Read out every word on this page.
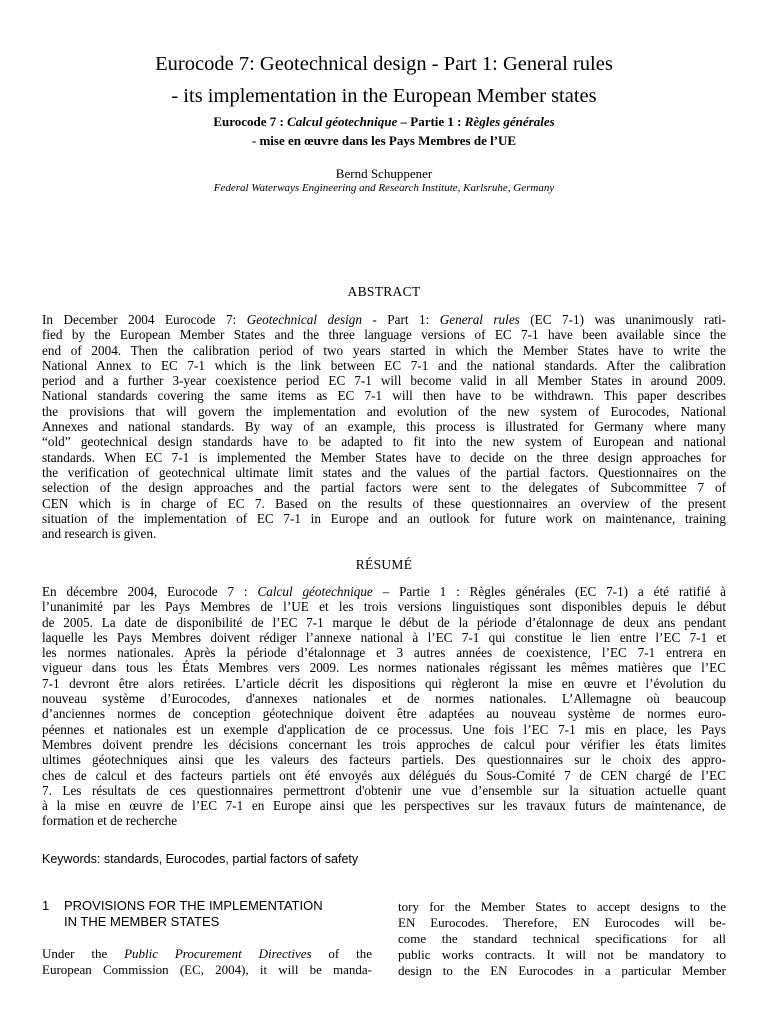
Eurocode 7: Geotechnical design - Part 1: General rules
- its implementation in the European Member states
Eurocode 7 : Calcul géotechnique – Partie 1 : Règles générales
- mise en œuvre dans les Pays Membres de l’UE
Bernd Schuppener
Federal Waterways Engineering and Research Institute, Karlsruhe, Germany
ABSTRACT
In December 2004 Eurocode 7: Geotechnical design - Part 1: General rules (EC 7-1) was unanimously rati-
fied by the European Member States and the three language versions of EC 7-1 have been available since the
end of 2004. Then the calibration period of two years started in which the Member States have to write the
National Annex to EC 7-1 which is the link between EC 7-1 and the national standards. After the calibration
period and a further 3-year coexistence period EC 7-1 will become valid in all Member States in around 2009.
National standards covering the same items as EC 7-1 will then have to be withdrawn. This paper describes
the provisions that will govern the implementation and evolution of the new system of Eurocodes, National
Annexes and national standards. By way of an example, this process is illustrated for Germany where many
“old” geotechnical design standards have to be adapted to fit into the new system of European and national
standards. When EC 7-1 is implemented the Member States have to decide on the three design approaches for
the verification of geotechnical ultimate limit states and the values of the partial factors. Questionnaires on the
selection of the design approaches and the partial factors were sent to the delegates of Subcommittee 7 of
CEN which is in charge of EC 7. Based on the results of these questionnaires an overview of the present
situation of the implementation of EC 7-1 in Europe and an outlook for future work on maintenance, training
and research is given.
RÉSUMÉ
En décembre 2004, Eurocode 7 : Calcul géotechnique – Partie 1 : Règles générales (EC 7-1) a été ratifié à
l’unanimité par les Pays Membres de l’UE et les trois versions linguistiques sont disponibles depuis le début
de 2005. La date de disponibilité de l’EC 7-1 marque le début de la période d’étalonnage de deux ans pendant
laquelle les Pays Membres doivent rédiger l’annexe national à l’EC 7-1 qui constitue le lien entre l’EC 7-1 et
les normes nationales. Après la période d’étalonnage et 3 autres années de coexistence, l’EC 7-1 entrera en
vigueur dans tous les États Membres vers 2009. Les normes nationales régissant les mêmes matières que l’EC
7-1 devront être alors retirées. L’article décrit les dispositions qui règleront la mise en œuvre et l’évolution du
nouveau système d’Eurocodes, d'annexes nationales et de normes nationales. L’Allemagne où beaucoup
d’anciennes normes de conception géotechnique doivent être adaptées au nouveau système de normes euro-
péennes et nationales est un exemple d'application de ce processus. Une fois l’EC 7-1 mis en place, les Pays
Membres doivent prendre les décisions concernant les trois approches de calcul pour vérifier les états limites
ultimes géotechniques ainsi que les valeurs des facteurs partiels. Des questionnaires sur le choix des appro-
ches de calcul et des facteurs partiels ont été envoyés aux délégués du Sous-Comité 7 de CEN chargé de l’EC
7. Les résultats de ces questionnaires permettront d'obtenir une vue d’ensemble sur la situation actuelle quant
à la mise en œuvre de l’EC 7-1 en Europe ainsi que les perspectives sur les travaux futurs de maintenance, de
formation et de recherche
Keywords: standards, Eurocodes, partial factors of safety
1 PROVISIONS FOR THE IMPLEMENTATION
IN THE MEMBER STATES
Under the Public Procurement Directives of the
European Commission (EC, 2004), it will be manda-
tory for the Member States to accept designs to the
EN Eurocodes. Therefore, EN Eurocodes will be-
come the standard technical specifications for all
public works contracts. It will not be mandatory to
design to the EN Eurocodes in a particular Member
